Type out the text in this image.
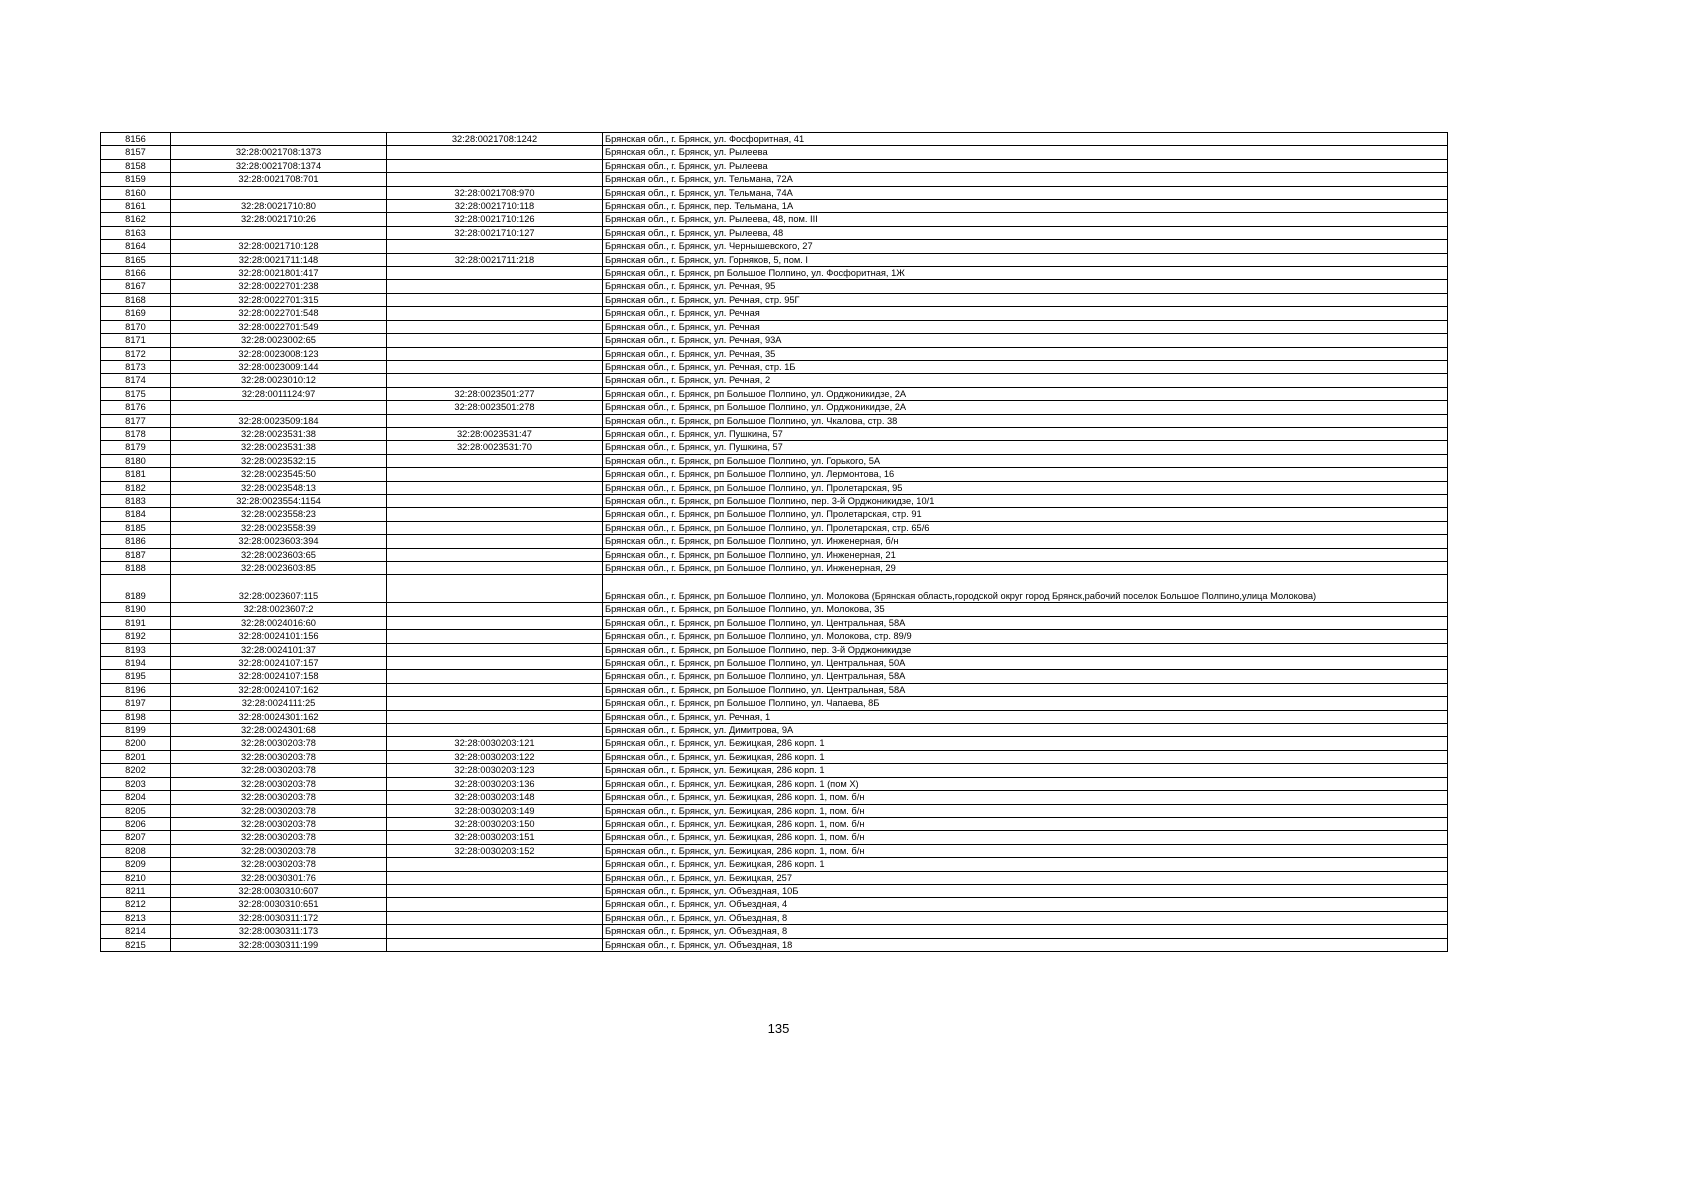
8156		32:28:0021708:1242	Брянская обл., г. Брянск, ул. Фосфоритная, 41
8157	32:28:0021708:1373		Брянская обл., г. Брянск, ул. Рылеева
8158	32:28:0021708:1374		Брянская обл., г. Брянск, ул. Рылеева
8159	32:28:0021708:701		Брянская обл., г. Брянск, ул. Тельмана, 72А
8160		32:28:0021708:970	Брянская обл., г. Брянск, ул. Тельмана, 74А
8161	32:28:0021710:80	32:28:0021710:118	Брянская обл., г. Брянск, пер. Тельмана, 1А
8162	32:28:0021710:26	32:28:0021710:126	Брянская обл., г. Брянск, ул. Рылеева, 48, пом. III
8163		32:28:0021710:127	Брянская обл., г. Брянск, ул. Рылеева, 48
8164	32:28:0021710:128		Брянская обл., г. Брянск, ул. Чернышевского, 27
8165	32:28:0021711:148	32:28:0021711:218	Брянская обл., г. Брянск, ул. Горняков, 5, пом. I
8166	32:28:0021801:417		Брянская обл., г. Брянск, рп Большое Полпино, ул. Фосфоритная, 1Ж
8167	32:28:0022701:238		Брянская обл., г. Брянск, ул. Речная, 95
8168	32:28:0022701:315		Брянская обл., г. Брянск, ул. Речная, стр. 95Г
8169	32:28:0022701:548		Брянская обл., г. Брянск, ул. Речная
8170	32:28:0022701:549		Брянская обл., г. Брянск, ул. Речная
8171	32:28:0023002:65		Брянская обл., г. Брянск, ул. Речная, 93А
8172	32:28:0023008:123		Брянская обл., г. Брянск, ул. Речная, 35
8173	32:28:0023009:144		Брянская обл., г. Брянск, ул. Речная, стр. 1Б
8174	32:28:0023010:12		Брянская обл., г. Брянск, ул. Речная, 2
8175	32:28:0011124:97	32:28:0023501:277	Брянская обл., г. Брянск, рп Большое Полпино, ул. Орджоникидзе, 2А
8176		32:28:0023501:278	Брянская обл., г. Брянск, рп Большое Полпино, ул. Орджоникидзе, 2А
8177	32:28:0023509:184		Брянская обл., г. Брянск, рп Большое Полпино, ул. Чкалова, стр. 38
8178	32:28:0023531:38	32:28:0023531:47	Брянская обл., г. Брянск, ул. Пушкина, 57
8179	32:28:0023531:38	32:28:0023531:70	Брянская обл., г. Брянск, ул. Пушкина, 57
8180	32:28:0023532:15		Брянская обл., г. Брянск, рп Большое Полпино, ул. Горького, 5А
8181	32:28:0023545:50		Брянская обл., г. Брянск, рп Большое Полпино, ул. Лермонтова, 16
8182	32:28:0023548:13		Брянская обл., г. Брянск, рп Большое Полпино, ул. Пролетарская, 95
8183	32:28:0023554:1154		Брянская обл., г. Брянск, рп Большое Полпино, пер. 3-й Орджоникидзе, 10/1
8184	32:28:0023558:23		Брянская обл., г. Брянск, рп Большое Полпино, ул. Пролетарская, стр. 91
8185	32:28:0023558:39		Брянская обл., г. Брянск, рп Большое Полпино, ул. Пролетарская, стр. 65/6
8186	32:28:0023603:394		Брянская обл., г. Брянск, рп Большое Полпино, ул. Инженерная, б/н
8187	32:28:0023603:65		Брянская обл., г. Брянск, рп Большое Полпино, ул. Инженерная, 21
8188	32:28:0023603:85		Брянская обл., г. Брянск, рп Большое Полпино, ул. Инженерная, 29
8189	32:28:0023607:115		Брянская обл., г. Брянск, рп Большое Полпино, ул. Молокова (Брянская область,городской округ город Брянск,рабочий поселок Большое Полпино,улица Молокова)
8190	32:28:0023607:2		Брянская обл., г. Брянск, рп Большое Полпино, ул. Молокова, 35
8191	32:28:0024016:60		Брянская обл., г. Брянск, рп Большое Полпино, ул. Центральная, 58А
8192	32:28:0024101:156		Брянская обл., г. Брянск, рп Большое Полпино, ул. Молокова, стр. 89/9
8193	32:28:0024101:37		Брянская обл., г. Брянск, рп Большое Полпино, пер. 3-й Орджоникидзе
8194	32:28:0024107:157		Брянская обл., г. Брянск, рп Большое Полпино, ул. Центральная, 50А
8195	32:28:0024107:158		Брянская обл., г. Брянск, рп Большое Полпино, ул. Центральная, 58А
8196	32:28:0024107:162		Брянская обл., г. Брянск, рп Большое Полпино, ул. Центральная, 58А
8197	32:28:0024111:25		Брянская обл., г. Брянск, рп Большое Полпино, ул. Чапаева, 8Б
8198	32:28:0024301:162		Брянская обл., г. Брянск, ул. Речная, 1
8199	32:28:0024301:68		Брянская обл., г. Брянск, ул. Димитрова, 9А
8200	32:28:0030203:78	32:28:0030203:121	Брянская обл., г. Брянск, ул. Бежицкая, 286 корп. 1
8201	32:28:0030203:78	32:28:0030203:122	Брянская обл., г. Брянск, ул. Бежицкая, 286 корп. 1
8202	32:28:0030203:78	32:28:0030203:123	Брянская обл., г. Брянск, ул. Бежицкая, 286 корп. 1
8203	32:28:0030203:78	32:28:0030203:136	Брянская обл., г. Брянск, ул. Бежицкая, 286 корп. 1 (пом X)
8204	32:28:0030203:78	32:28:0030203:148	Брянская обл., г. Брянск, ул. Бежицкая, 286 корп. 1, пом. б/н
8205	32:28:0030203:78	32:28:0030203:149	Брянская обл., г. Брянск, ул. Бежицкая, 286 корп. 1, пом. б/н
8206	32:28:0030203:78	32:28:0030203:150	Брянская обл., г. Брянск, ул. Бежицкая, 286 корп. 1, пом. б/н
8207	32:28:0030203:78	32:28:0030203:151	Брянская обл., г. Брянск, ул. Бежицкая, 286 корп. 1, пом. б/н
8208	32:28:0030203:78	32:28:0030203:152	Брянская обл., г. Брянск, ул. Бежицкая, 286 корп. 1, пом. б/н
8209	32:28:0030203:78		Брянская обл., г. Брянск, ул. Бежицкая, 286 корп. 1
8210	32:28:0030301:76		Брянская обл., г. Брянск, ул. Бежицкая, 257
8211	32:28:0030310:607		Брянская обл., г. Брянск, ул. Объездная, 10Б
8212	32:28:0030310:651		Брянская обл., г. Брянск, ул. Объездная, 4
8213	32:28:0030311:172		Брянская обл., г. Брянск, ул. Объездная, 8
8214	32:28:0030311:173		Брянская обл., г. Брянск, ул. Объездная, 8
8215	32:28:0030311:199		Брянская обл., г. Брянск, ул. Объездная, 18
135
